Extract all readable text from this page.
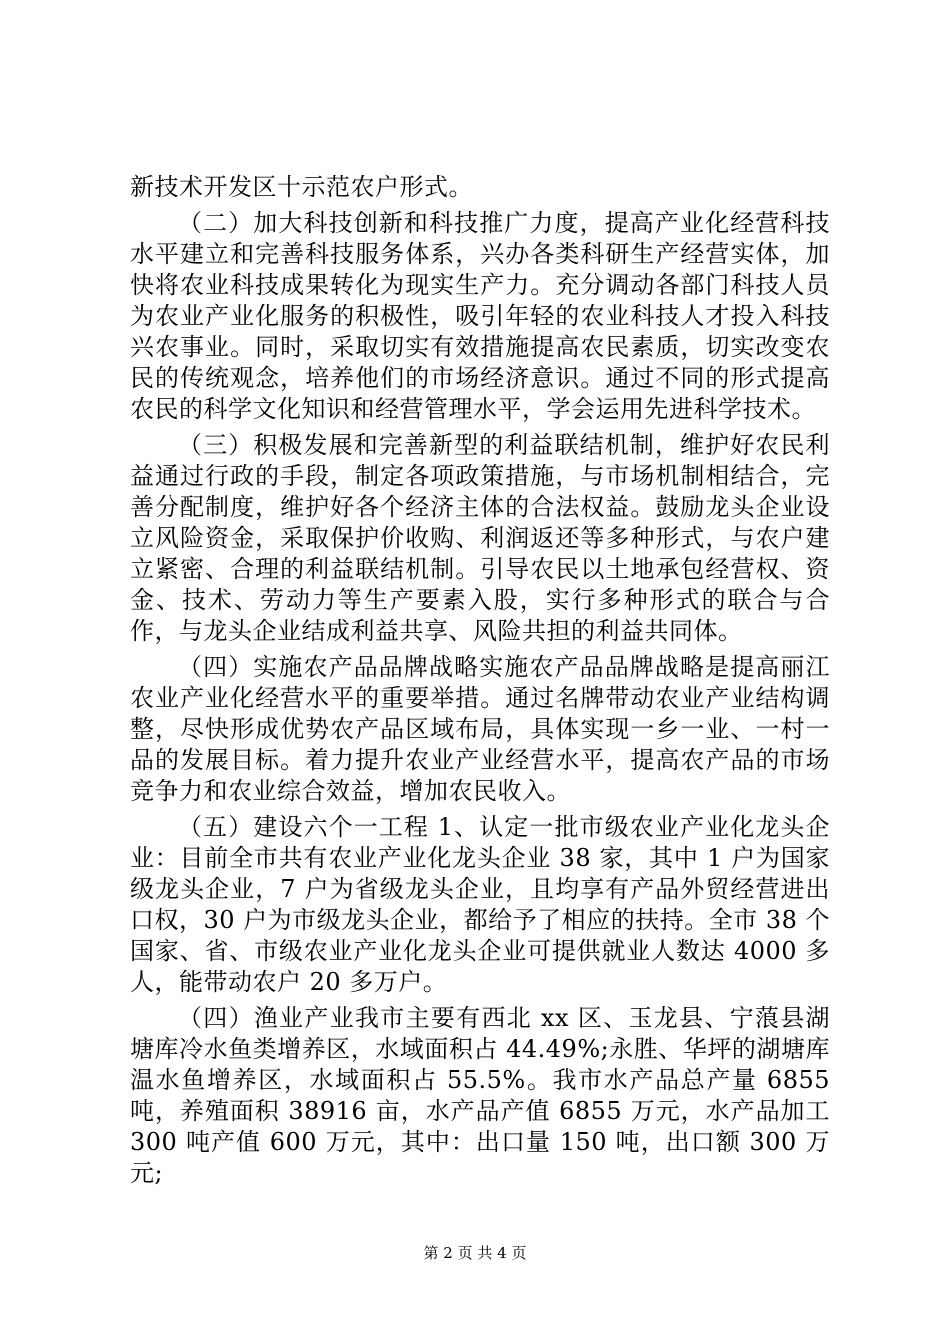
新技术开发区十示范农户形式。

（二）加大科技创新和科技推广力度，提高产业化经营科技水平建立和完善科技服务体系，兴办各类科研生产经营实体，加快将农业科技成果转化为现实生产力。充分调动各部门科技人员为农业产业化服务的积极性，吸引年轻的农业科技人才投入科技兴农事业。同时，采取切实有效措施提高农民素质，切实改变农民的传统观念，培养他们的市场经济意识。通过不同的形式提高农民的科学文化知识和经营管理水平，学会运用先进科学技术。

（三）积极发展和完善新型的利益联结机制，维护好农民利益通过行政的手段，制定各项政策措施，与市场机制相结合，完善分配制度，维护好各个经济主体的合法权益。鼓励龙头企业设立风险资金，采取保护价收购、利润返还等多种形式，与农户建立紧密、合理的利益联结机制。引导农民以土地承包经营权、资金、技术、劳动力等生产要素入股，实行多种形式的联合与合作，与龙头企业结成利益共享、风险共担的利益共同体。

（四）实施农产品品牌战略实施农产品品牌战略是提高丽江农业产业化经营水平的重要举措。通过名牌带动农业产业结构调整，尽快形成优势农产品区域布局，具体实现一乡一业、一村一品的发展目标。着力提升农业产业经营水平，提高农产品的市场竞争力和农业综合效益，增加农民收入。

（五）建设六个一工程 1、认定一批市级农业产业化龙头企业：目前全市共有农业产业化龙头企业 38 家，其中 1 户为国家级龙头企业，7 户为省级龙头企业，且均享有产品外贸经营进出口权，30 户为市级龙头企业，都给予了相应的扶持。全市 38 个国家、省、市级农业产业化龙头企业可提供就业人数达 4000 多人，能带动农户 20 多万户。

（四）渔业产业我市主要有西北 xx 区、玉龙县、宁蒗县湖塘库冷水鱼类增养区，水域面积占 44.49%;永胜、华坪的湖塘库温水鱼增养区，水域面积占 55.5%。我市水产品总产量 6855 吨，养殖面积 38916 亩，水产品产值 6855 万元，水产品加工 300 吨产值 600 万元，其中：出口量 150 吨，出口额 300 万元;

第 2 页 共 4 页
